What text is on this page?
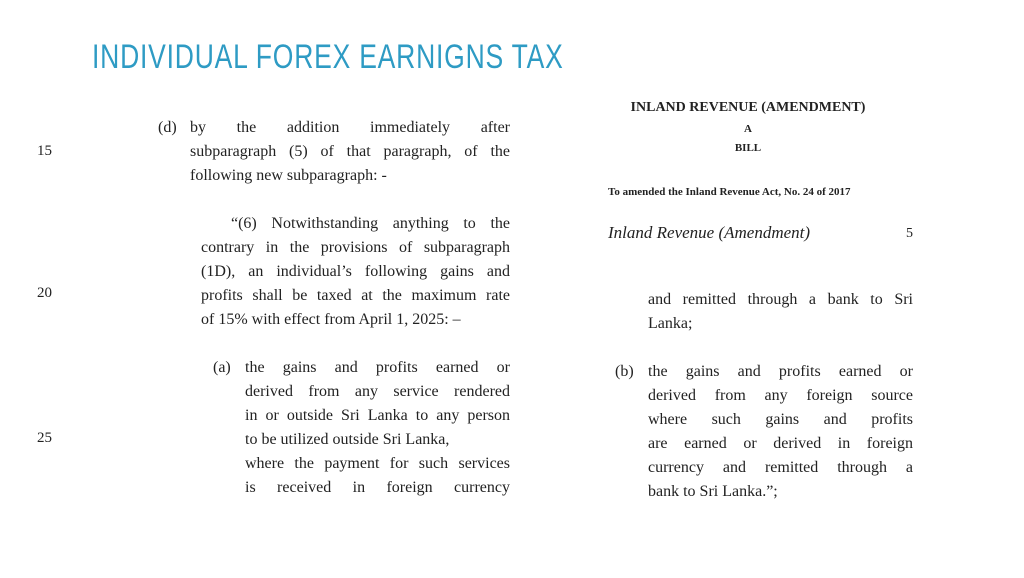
INDIVIDUAL FOREX EARNIGNS TAX
15
20
25
(d) by the addition immediately after
subparagraph (5) of that paragraph, of the
following new subparagraph: -
“(6) Notwithstanding anything to the
contrary in the provisions of subparagraph
(1D), an individual’s following gains and
profits shall be taxed at the maximum rate
of 15% with effect from April 1, 2025: –
(a) the gains and profits earned or
derived from any service rendered
in or outside Sri Lanka to any person
to be utilized outside Sri Lanka,
where the payment for such services
is received in foreign currency
INLAND REVENUE (AMENDMENT)
A
BILL
To amended the Inland Revenue Act, No. 24 of 2017
Inland Revenue (Amendment)	5
and remitted through a bank to Sri
Lanka;
(b) the gains and profits earned or
derived from any foreign source
where such gains and profits
are earned or derived in foreign
currency and remitted through a
bank to Sri Lanka.”;
